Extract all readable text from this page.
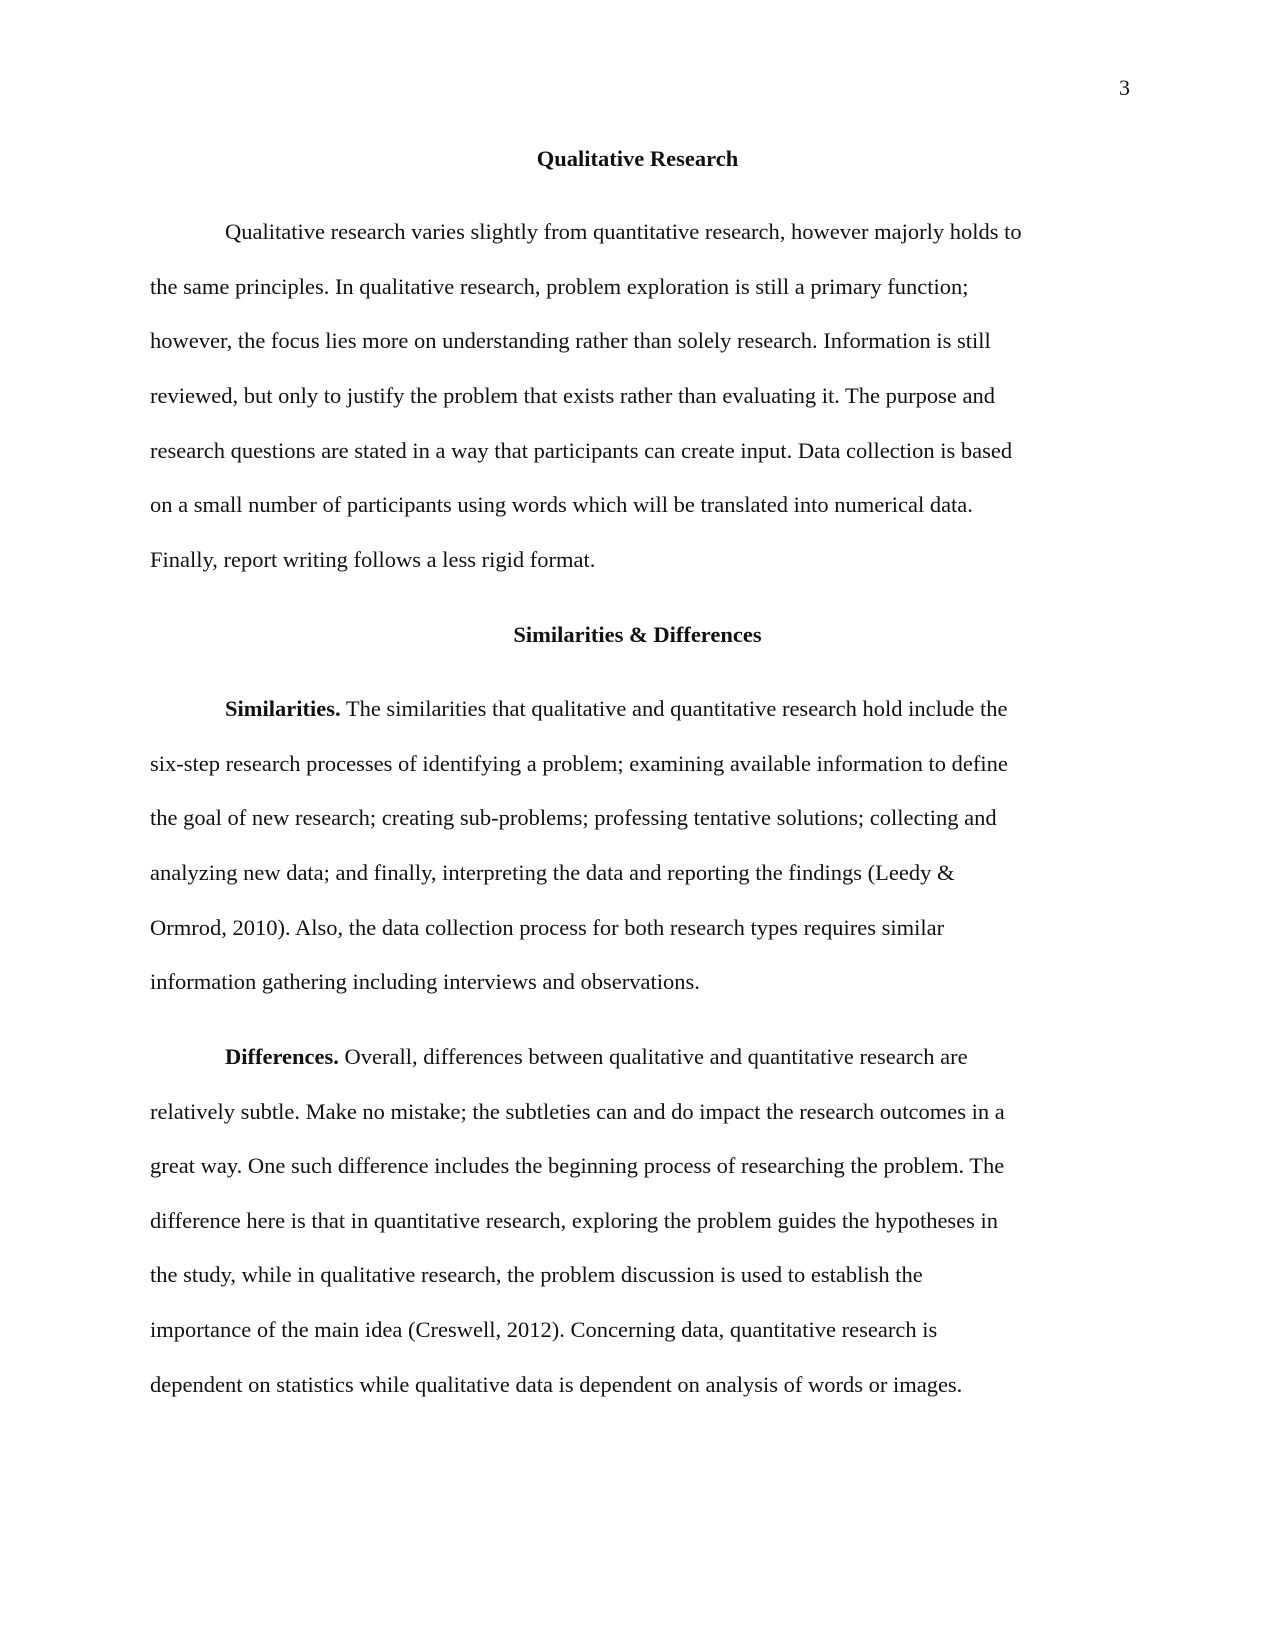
3
Qualitative Research
Qualitative research varies slightly from quantitative research, however majorly holds to
the same principles. In qualitative research, problem exploration is still a primary function;
however, the focus lies more on understanding rather than solely research. Information is still
reviewed, but only to justify the problem that exists rather than evaluating it. The purpose and
research questions are stated in a way that participants can create input. Data collection is based
on a small number of participants using words which will be translated into numerical data.
Finally, report writing follows a less rigid format.
Similarities & Differences
Similarities. The similarities that qualitative and quantitative research hold include the
six-step research processes of identifying a problem; examining available information to define
the goal of new research; creating sub-problems; professing tentative solutions; collecting and
analyzing new data; and finally, interpreting the data and reporting the findings (Leedy &
Ormrod, 2010). Also, the data collection process for both research types requires similar
information gathering including interviews and observations.
Differences. Overall, differences between qualitative and quantitative research are
relatively subtle. Make no mistake; the subtleties can and do impact the research outcomes in a
great way. One such difference includes the beginning process of researching the problem. The
difference here is that in quantitative research, exploring the problem guides the hypotheses in
the study, while in qualitative research, the problem discussion is used to establish the
importance of the main idea (Creswell, 2012). Concerning data, quantitative research is
dependent on statistics while qualitative data is dependent on analysis of words or images.
